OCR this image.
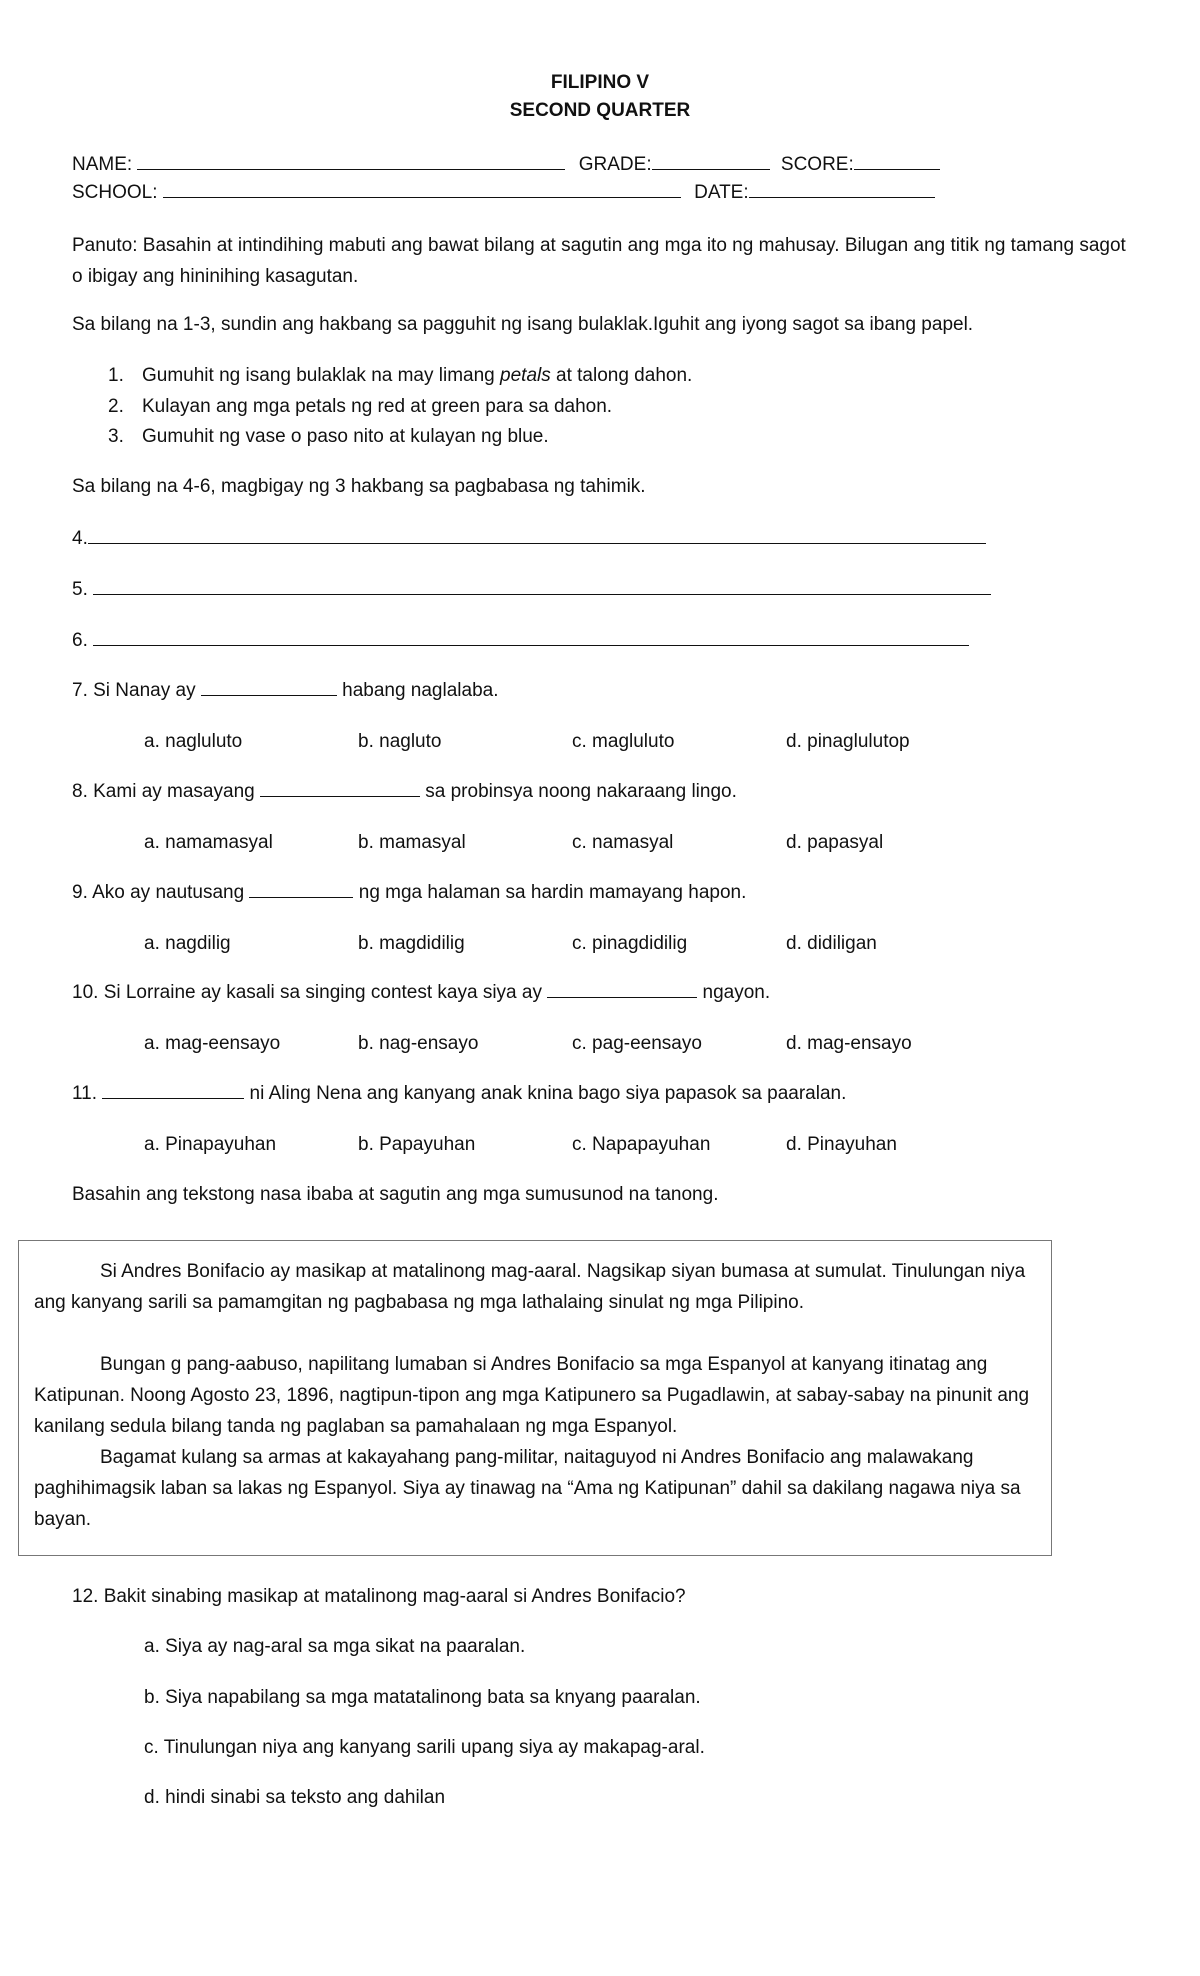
FILIPINO V
SECOND QUARTER
NAME:	GRADE:	SCORE:
SCHOOL:	DATE:
Panuto: Basahin at intindihing mabuti ang bawat bilang at sagutin ang mga ito ng mahusay. Bilugan ang titik ng tamang sagot o ibigay ang hininihing kasagutan.
Sa bilang na 1-3, sundin ang hakbang sa pagguhit ng isang bulaklak.Iguhit ang iyong sagot sa ibang papel.
1. Gumuhit ng isang bulaklak na may limang petals at talong dahon.
2. Kulayan ang mga petals ng red at green para sa dahon.
3. Gumuhit ng vase o paso nito at kulayan ng blue.
Sa bilang na 4-6, magbigay ng 3 hakbang sa pagbabasa ng tahimik.
4.
5.
6.
7. Si Nanay ay	habang naglalaba.
a. nagluluto	b. nagluto	c. magluluto	d. pinaglulutop
8. Kami ay masayang	sa probinsya noong nakaraang lingo.
a. namamasyal	b. mamasyal	c. namasyal	d. papasyal
9. Ako ay nautusang	ng mga halaman sa hardin mamayang hapon.
a. nagdilig	b. magdidilig	c. pinagdidilig	d. didiligan
10. Si Lorraine ay kasali sa singing contest kaya siya ay	ngayon.
a. mag-eensayo	b. nag-ensayo	c. pag-eensayo	d. mag-ensayo
11.	ni Aling Nena ang kanyang anak knina bago siya papasok sa paaralan.
a. Pinapayuhan	b. Papayuhan	c. Napapayuhan	d. Pinayuhan
Basahin ang tekstong nasa ibaba at sagutin ang mga sumusunod na tanong.
Si Andres Bonifacio ay masikap at matalinong mag-aaral. Nagsikap siyan bumasa at sumulat. Tinulungan niya ang kanyang sarili sa pamamgitan ng pagbabasa ng mga lathalaing sinulat ng mga Pilipino.
Bungan g pang-aabuso, napilitang lumaban si Andres Bonifacio sa mga Espanyol at kanyang itinatag ang Katipunan. Noong Agosto 23, 1896, nagtipun-tipon ang mga Katipunero sa Pugadlawin, at sabay-sabay na pinunit ang kanilang sedula bilang tanda ng paglaban sa pamahalaan ng mga Espanyol.
Bagamat kulang sa armas at kakayahang pang-militar, naitaguyod ni Andres Bonifacio ang malawakang paghihimagsik laban sa lakas ng Espanyol. Siya ay tinawag na “Ama ng Katipunan” dahil sa dakilang nagawa niya sa bayan.
12. Bakit sinabing masikap at matalinong mag-aaral si Andres Bonifacio?
a. Siya ay nag-aral sa mga sikat na paaralan.
b. Siya napabilang sa mga matatalinong bata sa knyang paaralan.
c. Tinulungan niya ang kanyang sarili upang siya ay makapag-aral.
d. hindi sinabi sa teksto ang dahilan
